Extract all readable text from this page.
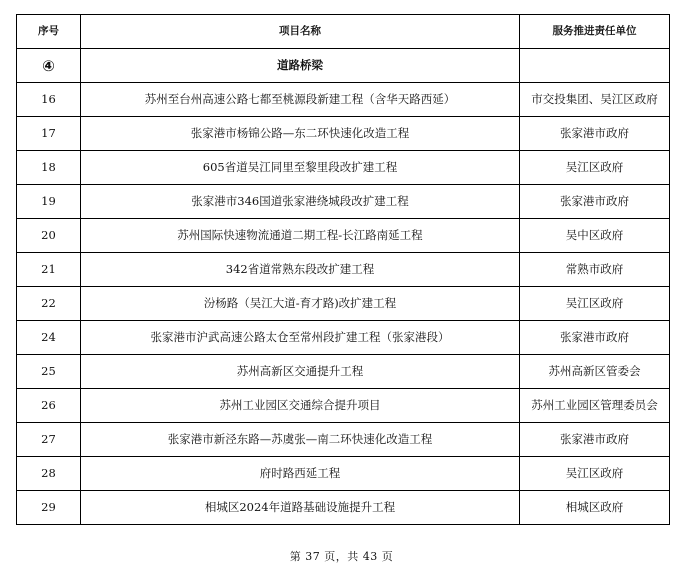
序号	项目名称	服务推进责任单位
④	道路桥梁	
16	苏州至台州高速公路七都至桃源段新建工程（含华天路西延）	市交投集团、吴江区政府
17	张家港市杨锦公路—东二环快速化改造工程	张家港市政府
18	605省道吴江同里至黎里段改扩建工程	吴江区政府
19	张家港市346国道张家港绕城段改扩建工程	张家港市政府
20	苏州国际快速物流通道二期工程-长江路南延工程	吴中区政府
21	342省道常熟东段改扩建工程	常熟市政府
22	汾杨路（吴江大道-育才路)改扩建工程	吴江区政府
24	张家港市沪武高速公路太仓至常州段扩建工程（张家港段）	张家港市政府
25	苏州高新区交通提升工程	苏州高新区管委会
26	苏州工业园区交通综合提升项目	苏州工业园区管理委员会
27	张家港市新泾东路—苏虞张—南二环快速化改造工程	张家港市政府
28	府时路西延工程	吴江区政府
29	相城区2024年道路基础设施提升工程	相城区政府
第 37 页，共 43 页
